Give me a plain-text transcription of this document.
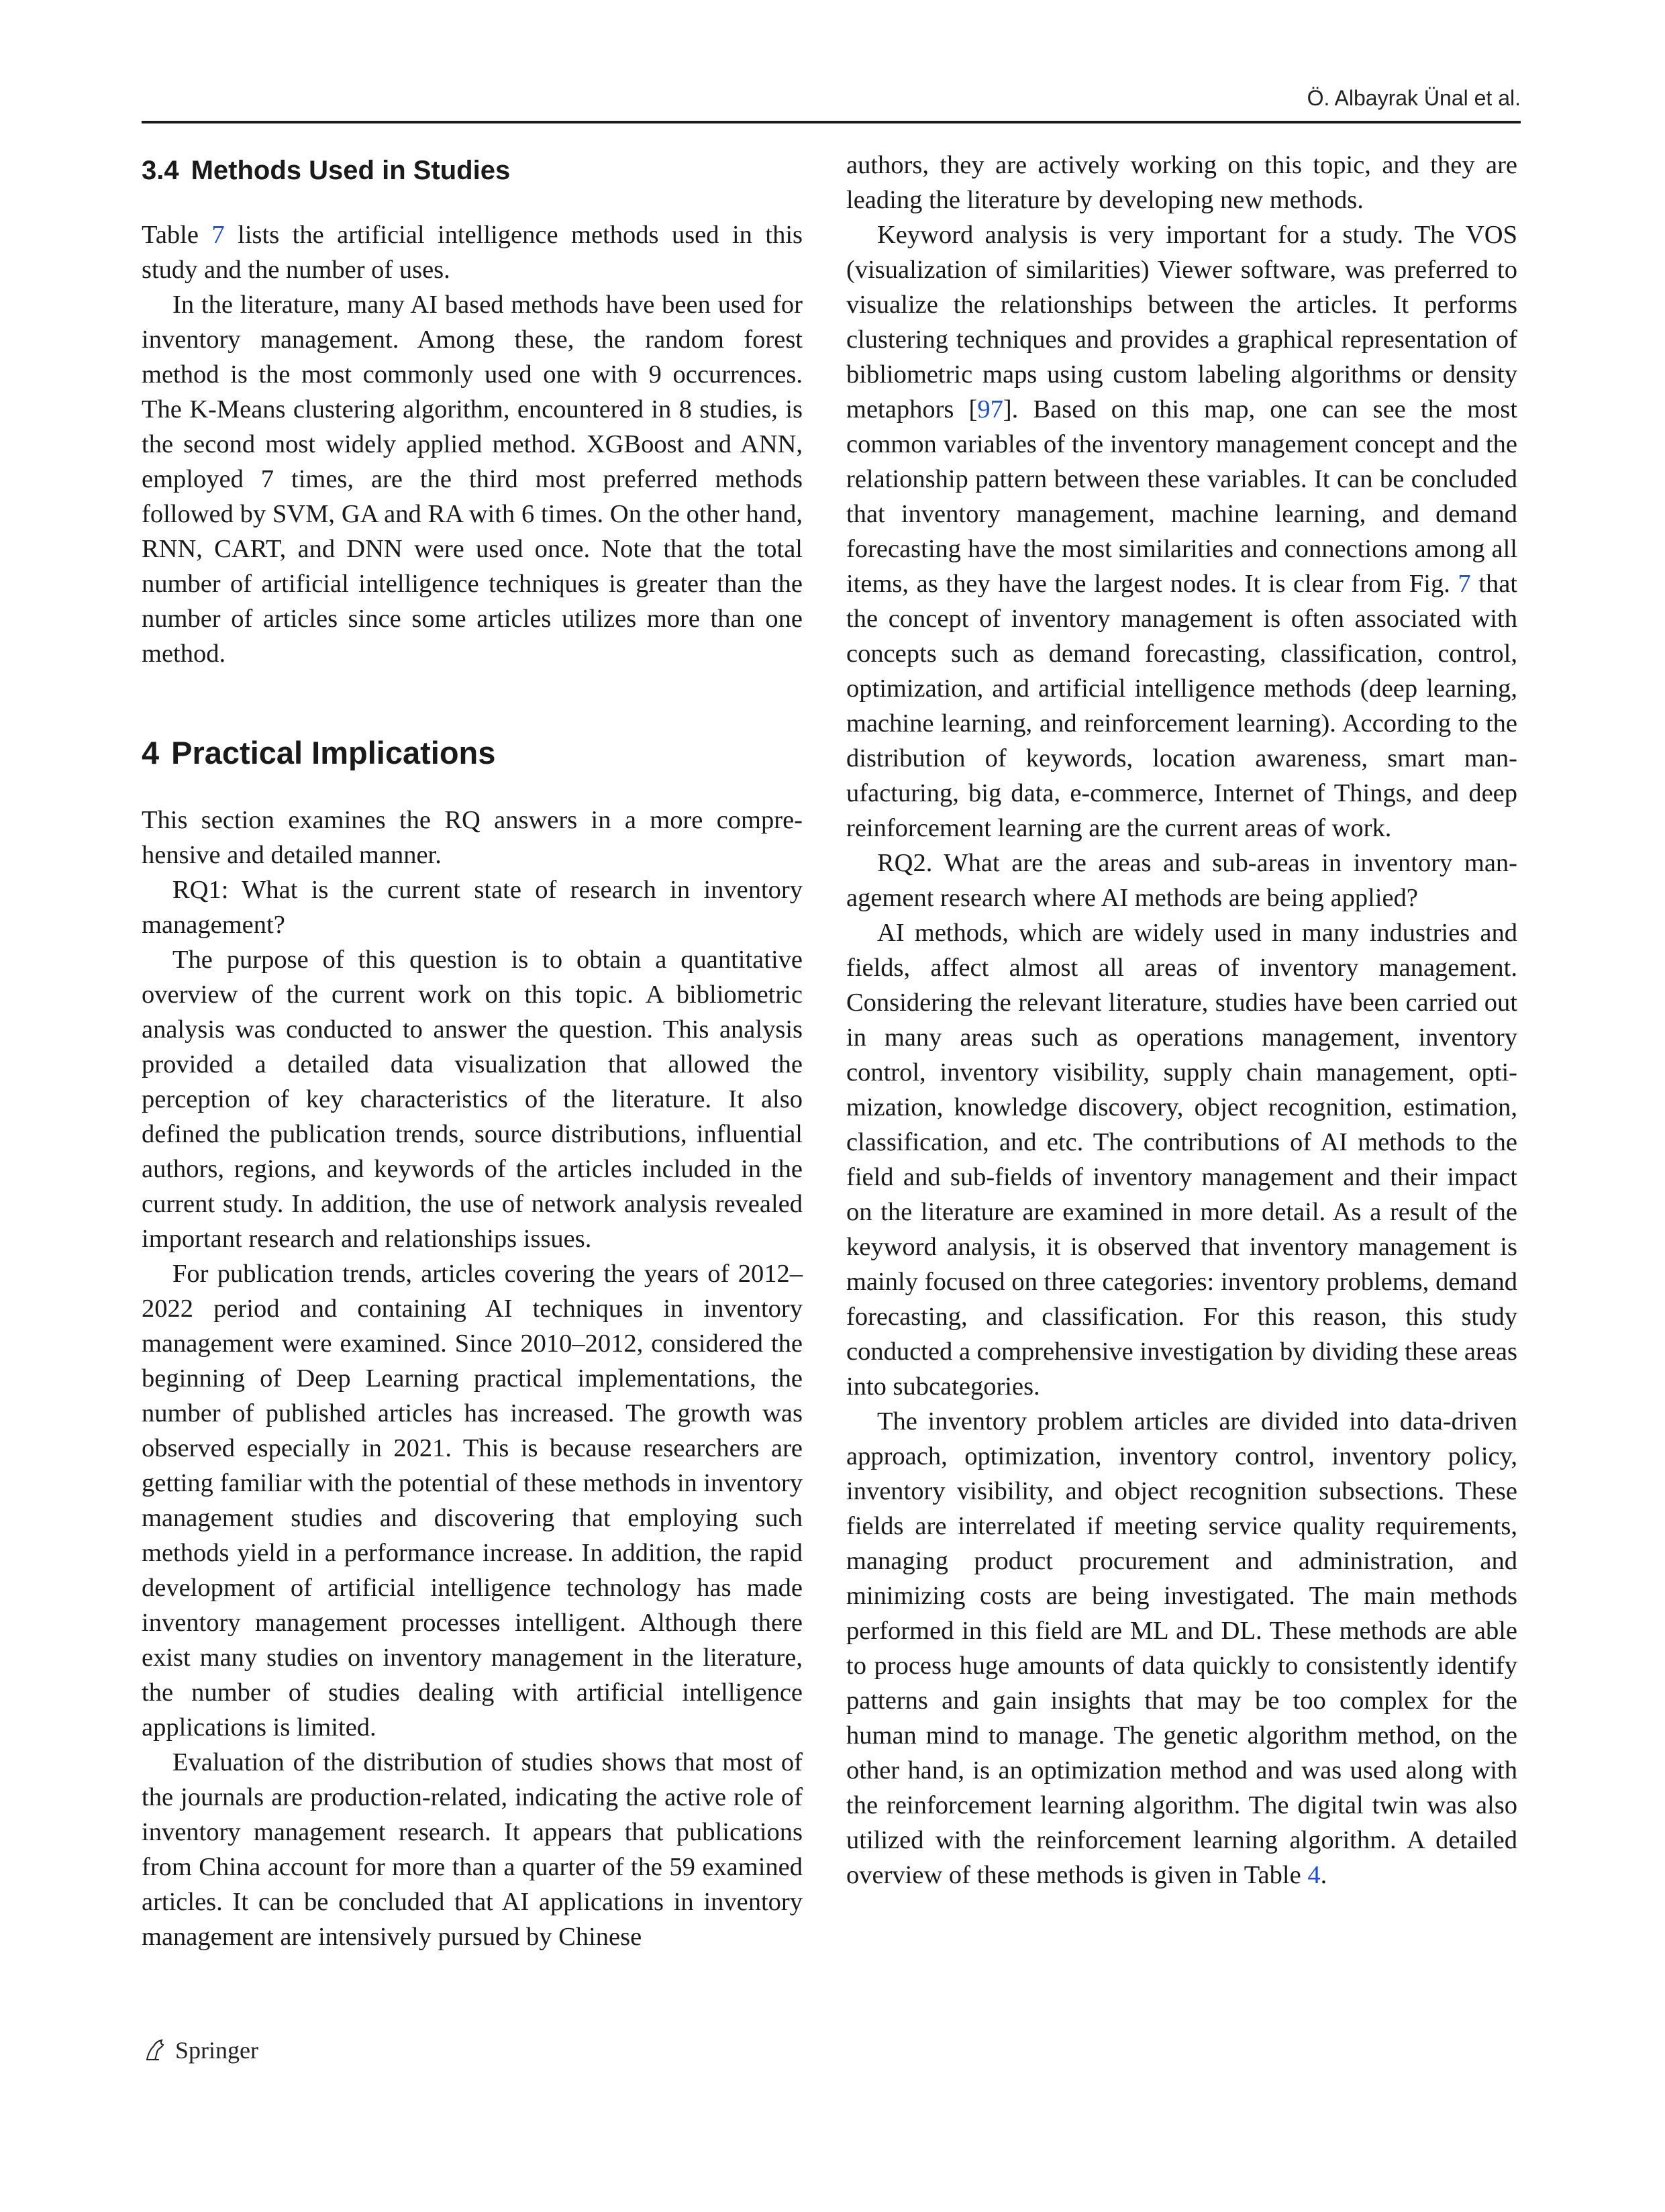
Ö. Albayrak Ünal et al.
3.4 Methods Used in Studies

Table 7 lists the artificial intelligence methods used in this study and the number of uses.

In the literature, many AI based methods have been used for inventory management. Among these, the random forest method is the most commonly used one with 9 occurrences. The K-Means clustering algorithm, encountered in 8 studies, is the second most widely applied method. XGBoost and ANN, employed 7 times, are the third most preferred methods followed by SVM, GA and RA with 6 times. On the other hand, RNN, CART, and DNN were used once. Note that the total number of artificial intelligence techniques is greater than the number of articles since some articles utilizes more than one method.

4 Practical Implications

This section examines the RQ answers in a more comprehensive and detailed manner.

RQ1: What is the current state of research in inventory management?

The purpose of this question is to obtain a quantitative overview of the current work on this topic. A bibliometric analysis was conducted to answer the question. This analysis provided a detailed data visualization that allowed the perception of key characteristics of the literature. It also defined the publication trends, source distributions, influential authors, regions, and keywords of the articles included in the current study. In addition, the use of network analysis revealed important research and relationships issues.

For publication trends, articles covering the years of 2012–2022 period and containing AI techniques in inventory management were examined. Since 2010–2012, considered the beginning of Deep Learning practical implementations, the number of published articles has increased. The growth was observed especially in 2021. This is because researchers are getting familiar with the potential of these methods in inventory management studies and discovering that employing such methods yield in a performance increase. In addition, the rapid development of artificial intelligence technology has made inventory management processes intelligent. Although there exist many studies on inventory management in the literature, the number of studies dealing with artificial intelligence applications is limited.

Evaluation of the distribution of studies shows that most of the journals are production-related, indicating the active role of inventory management research. It appears that publications from China account for more than a quarter of the 59 examined articles. It can be concluded that AI applications in inventory management are intensively pursued by Chinese

authors, they are actively working on this topic, and they are leading the literature by developing new methods.

Keyword analysis is very important for a study. The VOS (visualization of similarities) Viewer software, was preferred to visualize the relationships between the articles. It performs clustering techniques and provides a graphical representation of bibliometric maps using custom labeling algorithms or density metaphors [97]. Based on this map, one can see the most common variables of the inventory management concept and the relationship pattern between these variables. It can be concluded that inventory management, machine learning, and demand forecasting have the most similarities and connections among all items, as they have the largest nodes. It is clear from Fig. 7 that the concept of inventory management is often associated with concepts such as demand forecasting, classification, control, optimization, and artificial intelligence methods (deep learning, machine learning, and reinforcement learning). According to the distribution of keywords, location awareness, smart manufacturing, big data, e-commerce, Internet of Things, and deep reinforcement learning are the current areas of work.

RQ2. What are the areas and sub-areas in inventory management research where AI methods are being applied?

AI methods, which are widely used in many industries and fields, affect almost all areas of inventory management. Considering the relevant literature, studies have been carried out in many areas such as operations management, inventory control, inventory visibility, supply chain management, optimization, knowledge discovery, object recognition, estimation, classification, and etc. The contributions of AI methods to the field and sub-fields of inventory management and their impact on the literature are examined in more detail. As a result of the keyword analysis, it is observed that inventory management is mainly focused on three categories: inventory problems, demand forecasting, and classification. For this reason, this study conducted a comprehensive investigation by dividing these areas into subcategories.

The inventory problem articles are divided into data-driven approach, optimization, inventory control, inventory policy, inventory visibility, and object recognition subsections. These fields are interrelated if meeting service quality requirements, managing product procurement and administration, and minimizing costs are being investigated. The main methods performed in this field are ML and DL. These methods are able to process huge amounts of data quickly to consistently identify patterns and gain insights that may be too complex for the human mind to manage. The genetic algorithm method, on the other hand, is an optimization method and was used along with the reinforcement learning algorithm. The digital twin was also utilized with the reinforcement learning algorithm. A detailed overview of these methods is given in Table 4.

Springer
